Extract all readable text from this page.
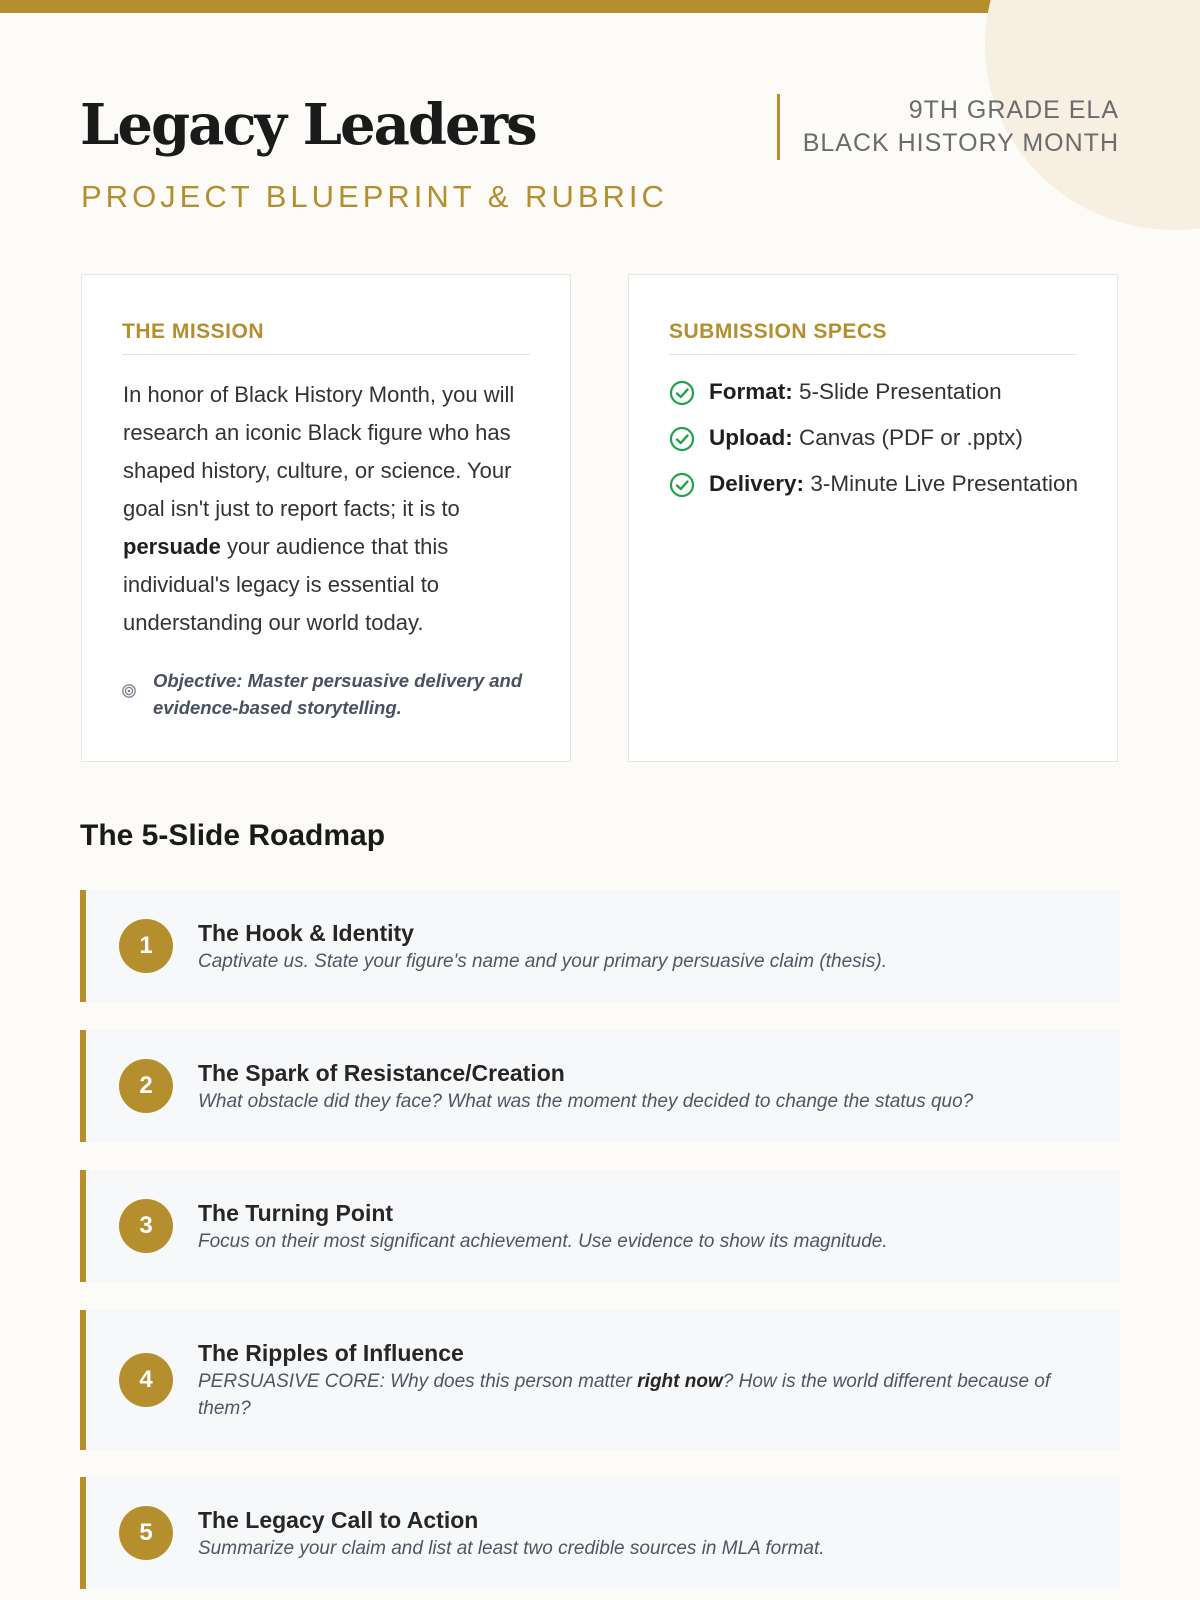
Legacy Leaders
PROJECT BLUEPRINT & RUBRIC
9TH GRADE ELA
BLACK HISTORY MONTH
THE MISSION

In honor of Black History Month, you will research an iconic Black figure who has shaped history, culture, or science. Your goal isn't just to report facts; it is to persuade your audience that this individual's legacy is essential to understanding our world today.

Objective: Master persuasive delivery and evidence-based storytelling.
SUBMISSION SPECS
Format: 5-Slide Presentation
Upload: Canvas (PDF or .pptx)
Delivery: 3-Minute Live Presentation
The 5-Slide Roadmap
1	The Hook & Identity
Captivate us. State your figure's name and your primary persuasive claim (thesis).
2	The Spark of Resistance/Creation
What obstacle did they face? What was the moment they decided to change the status quo?
3	The Turning Point
Focus on their most significant achievement. Use evidence to show its magnitude.
4
The Ripples of Influence
PERSUASIVE CORE: Why does this person matter right now? How is the world different because of them?
5	The Legacy Call to Action
Summarize your claim and list at least two credible sources in MLA format.
